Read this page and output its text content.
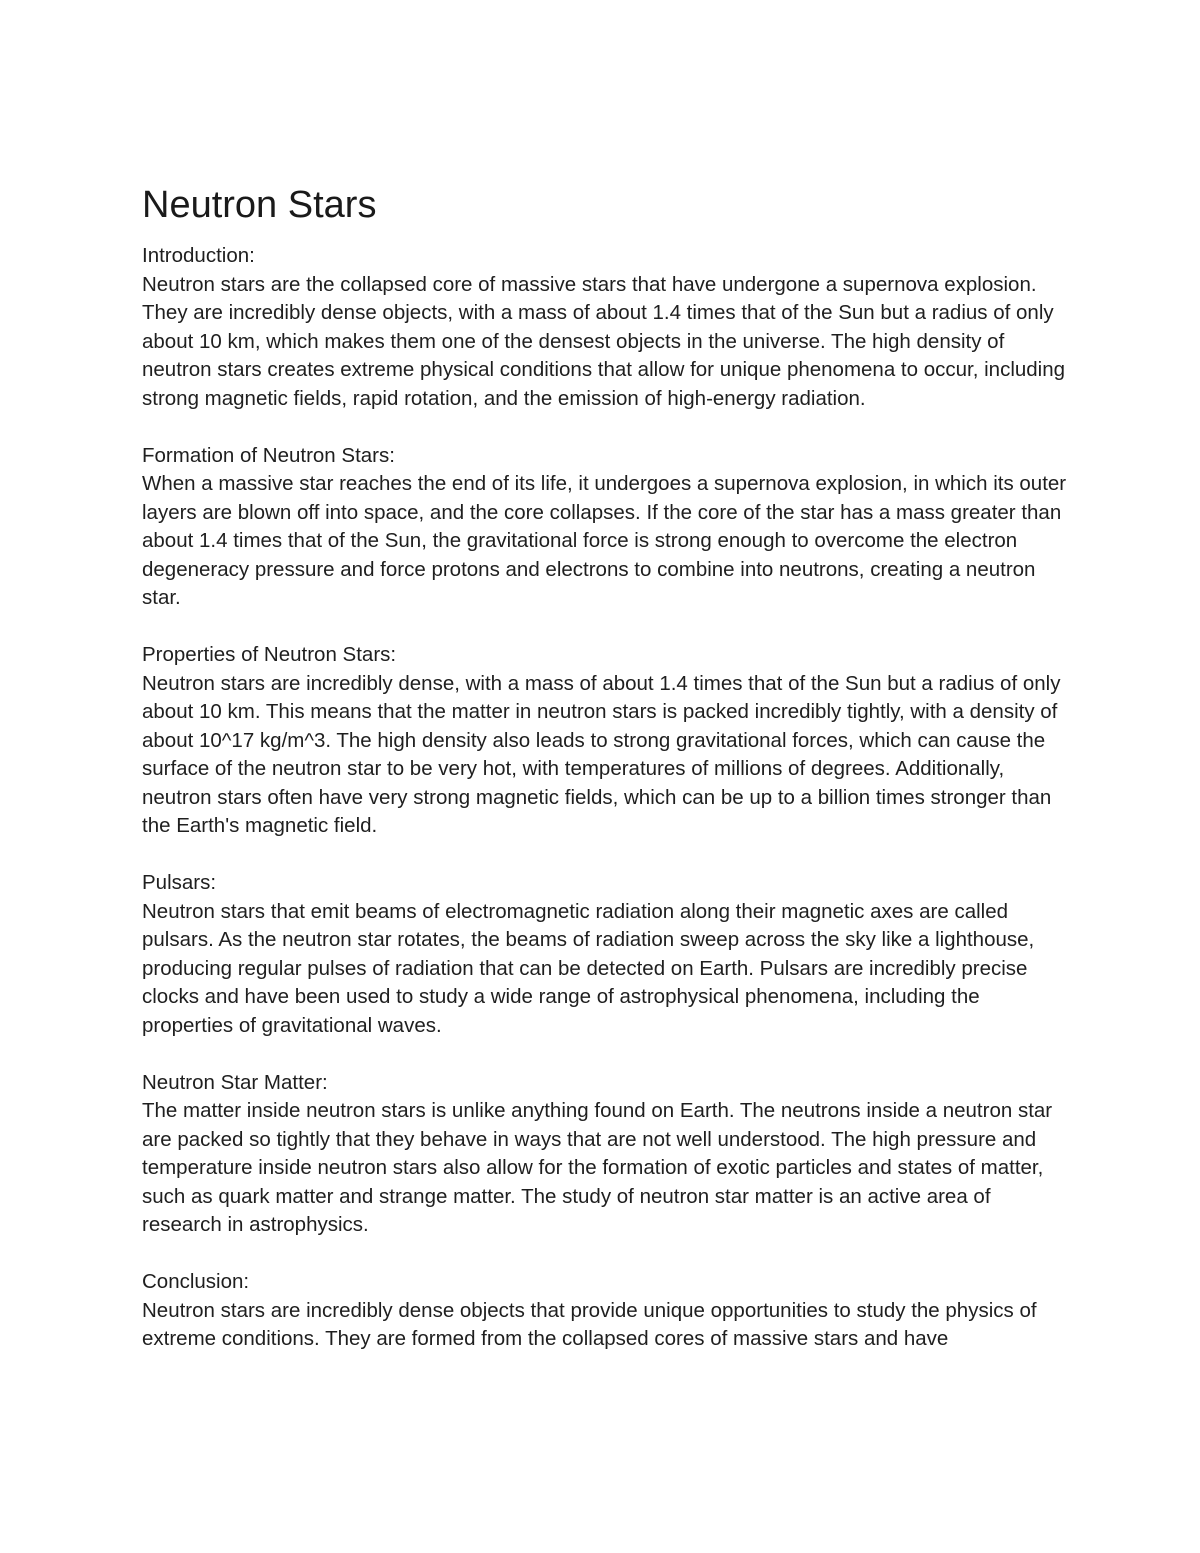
Neutron Stars

Introduction:

Neutron stars are the collapsed core of massive stars that have undergone a supernova explosion. They are incredibly dense objects, with a mass of about 1.4 times that of the Sun but a radius of only about 10 km, which makes them one of the densest objects in the universe. The high density of neutron stars creates extreme physical conditions that allow for unique phenomena to occur, including strong magnetic fields, rapid rotation, and the emission of high-energy radiation.

Formation of Neutron Stars:

When a massive star reaches the end of its life, it undergoes a supernova explosion, in which its outer layers are blown off into space, and the core collapses. If the core of the star has a mass greater than about 1.4 times that of the Sun, the gravitational force is strong enough to overcome the electron degeneracy pressure and force protons and electrons to combine into neutrons, creating a neutron star.

Properties of Neutron Stars:

Neutron stars are incredibly dense, with a mass of about 1.4 times that of the Sun but a radius of only about 10 km. This means that the matter in neutron stars is packed incredibly tightly, with a density of about 10^17 kg/m^3. The high density also leads to strong gravitational forces, which can cause the surface of the neutron star to be very hot, with temperatures of millions of degrees. Additionally, neutron stars often have very strong magnetic fields, which can be up to a billion times stronger than the Earth's magnetic field.

Pulsars:

Neutron stars that emit beams of electromagnetic radiation along their magnetic axes are called pulsars. As the neutron star rotates, the beams of radiation sweep across the sky like a lighthouse, producing regular pulses of radiation that can be detected on Earth. Pulsars are incredibly precise clocks and have been used to study a wide range of astrophysical phenomena, including the properties of gravitational waves.

Neutron Star Matter:

The matter inside neutron stars is unlike anything found on Earth. The neutrons inside a neutron star are packed so tightly that they behave in ways that are not well understood. The high pressure and temperature inside neutron stars also allow for the formation of exotic particles and states of matter, such as quark matter and strange matter. The study of neutron star matter is an active area of research in astrophysics.

Conclusion:

Neutron stars are incredibly dense objects that provide unique opportunities to study the physics of extreme conditions. They are formed from the collapsed cores of massive stars and have
